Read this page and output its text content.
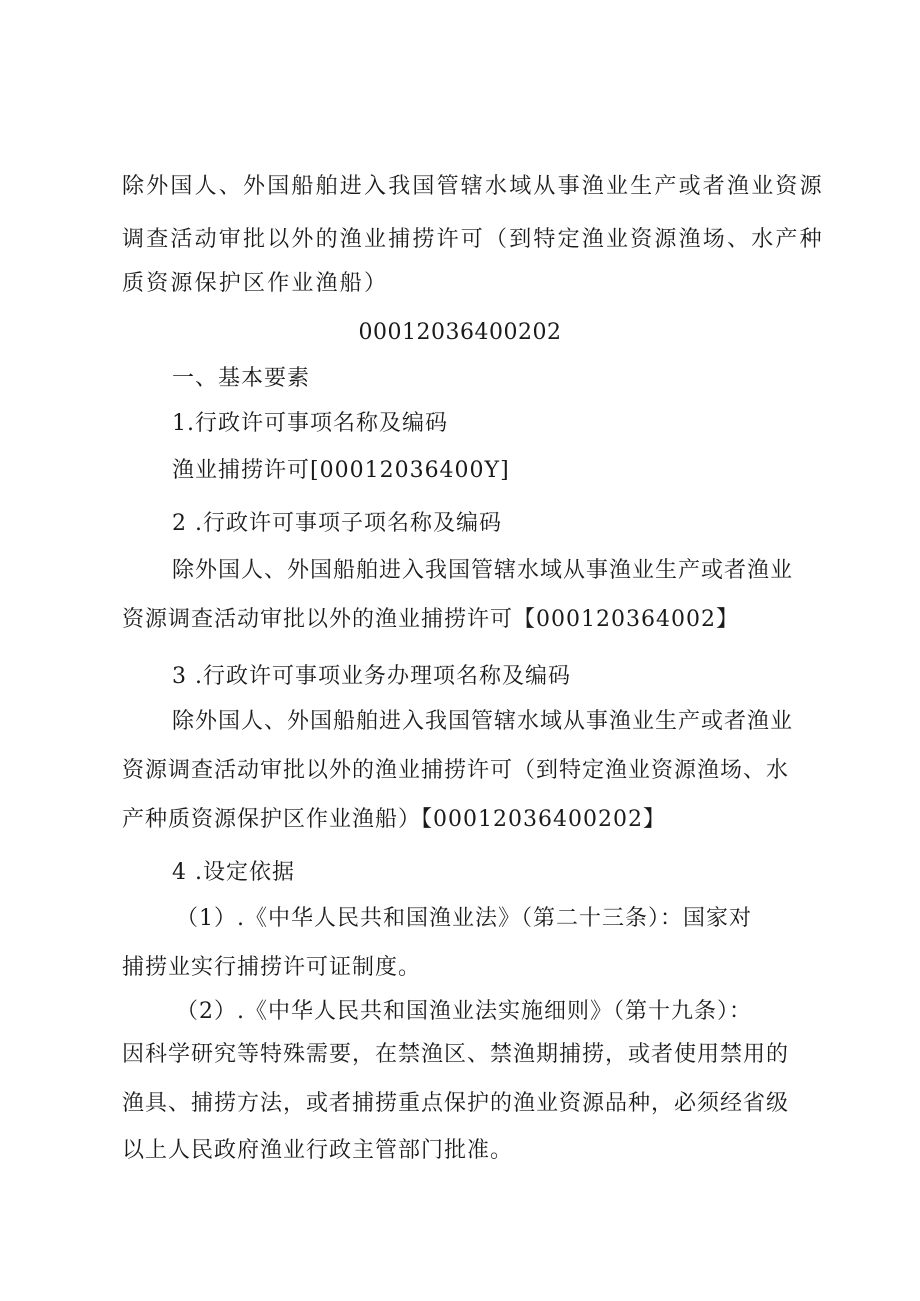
除外国人、外国船舶进入我国管辖水域从事渔业生产或者渔业资源
调查活动审批以外的渔业捕捞许可（到特定渔业资源渔场、水产种
质资源保护区作业渔船）
00012036400202
一、基本要素
1.行政许可事项名称及编码
渔业捕捞许可[00012036400Y]
2 .行政许可事项子项名称及编码
除外国人、外国船舶进入我国管辖水域从事渔业生产或者渔业
资源调查活动审批以外的渔业捕捞许可【000120364002】
3 .行政许可事项业务办理项名称及编码
除外国人、外国船舶进入我国管辖水域从事渔业生产或者渔业
资源调查活动审批以外的渔业捕捞许可（到特定渔业资源渔场、水
产种质资源保护区作业渔船）【00012036400202】
4 .设定依据
（1）.《中华人民共和国渔业法》（第二十三条）：国家对
捕捞业实行捕捞许可证制度。
（2）.《中华人民共和国渔业法实施细则》（第十九条）：
因科学研究等特殊需要，在禁渔区、禁渔期捕捞，或者使用禁用的
渔具、捕捞方法，或者捕捞重点保护的渔业资源品种，必须经省级
以上人民政府渔业行政主管部门批准。
